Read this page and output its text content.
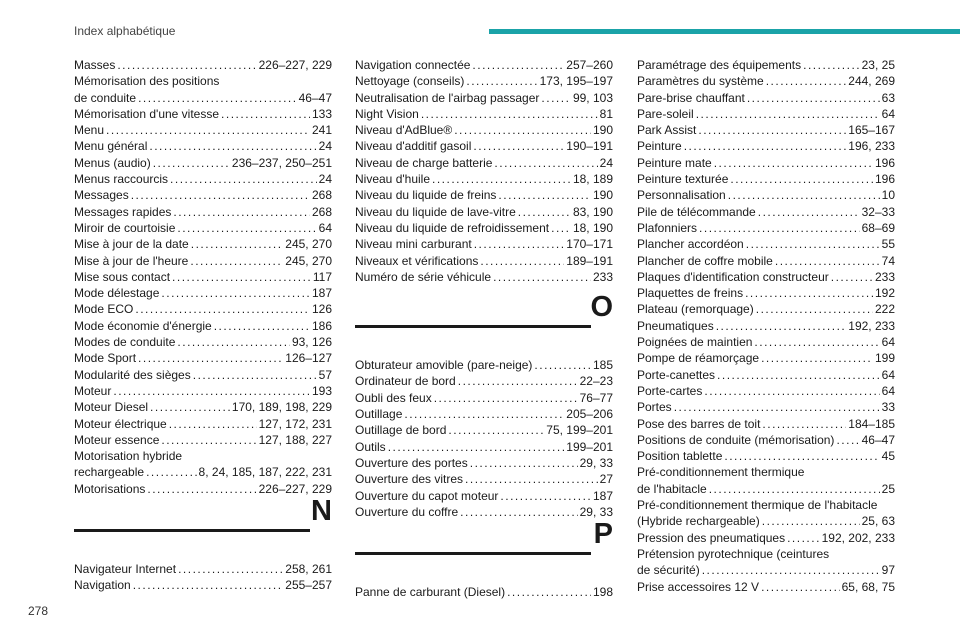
Index alphabétique
Masses .....	226–227, 229
Mémorisation des positions
de conduite .....	46–47
Mémorisation d'une vitesse .....	133
Menu .....	241
Menu général .....	24
Menus (audio) .....	236–237, 250–251
Menus raccourcis .....	24
Messages .....	268
Messages rapides .....	268
Miroir de courtoisie .....	64
Mise à jour de la date .....	245, 270
Mise à jour de l'heure .....	245, 270
Mise sous contact .....	117
Mode délestage .....	187
Mode ECO .....	126
Mode économie d'énergie .....	186
Modes de conduite .....	93, 126
Mode Sport .....	126–127
Modularité des sièges .....	57
Moteur .....	193
Moteur Diesel .....	170, 189, 198, 229
Moteur électrique .....	127, 172, 231
Moteur essence .....	127, 188, 227
Motorisation hybride
rechargeable .....	8, 24, 185, 187, 222, 231
Motorisations .....	226–227, 229
N
Navigateur Internet .....	258, 261
Navigation .....	255–257
Navigation connectée .....	257–260
Nettoyage (conseils) .....	173, 195–197
Neutralisation de l'airbag passager .....	99, 103
Night Vision .....	81
Niveau d'AdBlue® .....	190
Niveau d'additif gasoil .....	190–191
Niveau de charge batterie .....	24
Niveau d'huile .....	18, 189
Niveau du liquide de freins .....	190
Niveau du liquide de lave-vitre .....	83, 190
Niveau du liquide de refroidissement ..... 18, 190
Niveau mini carburant .....	170–171
Niveaux et vérifications .....	189–191
Numéro de série véhicule .....	233
O
Obturateur amovible (pare-neige) .....	185
Ordinateur de bord .....	22–23
Oubli des feux .....	76–77
Outillage .....	205–206
Outillage de bord .....	75, 199–201
Outils .....	199–201
Ouverture des portes .....	29, 33
Ouverture des vitres .....	27
Ouverture du capot moteur .....	187
Ouverture du coffre .....	29, 33
P
Panne de carburant (Diesel) .....	198
Paramétrage des équipements .....	23, 25
Paramètres du système .....	244, 269
Pare-brise chauffant .....	63
Pare-soleil .....	64
Park Assist .....	165–167
Peinture .....	196, 233
Peinture mate .....	196
Peinture texturée .....	196
Personnalisation .....	10
Pile de télécommande .....	32–33
Plafonniers .....	68–69
Plancher accordéon .....	55
Plancher de coffre mobile .....	74
Plaques d'identification constructeur .....	233
Plaquettes de freins .....	192
Plateau (remorquage) .....	222
Pneumatiques .....	192, 233
Poignées de maintien .....	64
Pompe de réamorçage .....	199
Porte-canettes .....	64
Porte-cartes .....	64
Portes .....	33
Pose des barres de toit .....	184–185
Positions de conduite (mémorisation) ..... 46–47
Position tablette .....	45
Pré-conditionnement thermique
de l'habitacle .....	25
Pré-conditionnement thermique de l'habitacle
(Hybride rechargeable) .....	25, 63
Pression des pneumatiques .....	192, 202, 233
Prétension pyrotechnique (ceintures
de sécurité) .....	97
Prise accessoires 12 V .....	65, 68, 75
278
